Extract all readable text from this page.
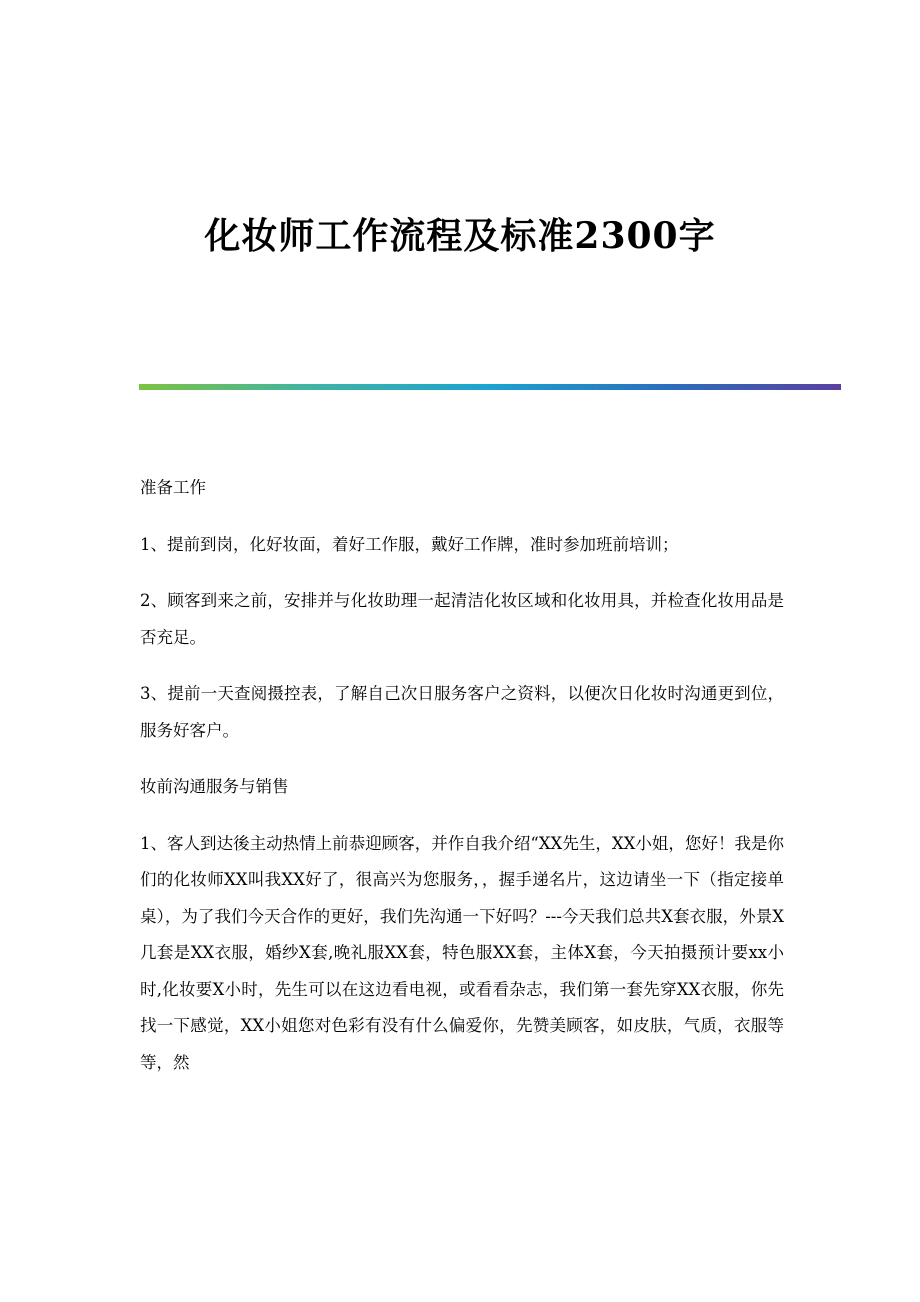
化妆师工作流程及标准2300字

准备工作

1、提前到岗，化好妆面，着好工作服，戴好工作牌，准时参加班前培训；

2、顾客到来之前，安排并与化妆助理一起清洁化妆区域和化妆用具，并检查化妆用品是否充足。

3、提前一天查阅摄控表，了解自己次日服务客户之资料，以便次日化妆时沟通更到位，服务好客户。

妆前沟通服务与销售

1、客人到达後主动热情上前恭迎顾客，并作自我介绍“XX先生，XX小姐，您好！我是你们的化妆师XX叫我XX好了，很高兴为您服务，，握手递名片，这边请坐一下（指定接单桌），为了我们今天合作的更好，我们先沟通一下好吗？---今天我们总共X套衣服，外景X几套是XX衣服，婚纱X套,晚礼服XX套，特色服XX套，主体X套，今天拍摄预计要xx小时,化妆要X小时，先生可以在这边看电视，或看看杂志，我们第一套先穿XX衣服，你先找一下感觉，XX小姐您对色彩有没有什么偏爱你，先赞美顾客，如皮肤，气质，衣服等等，然
